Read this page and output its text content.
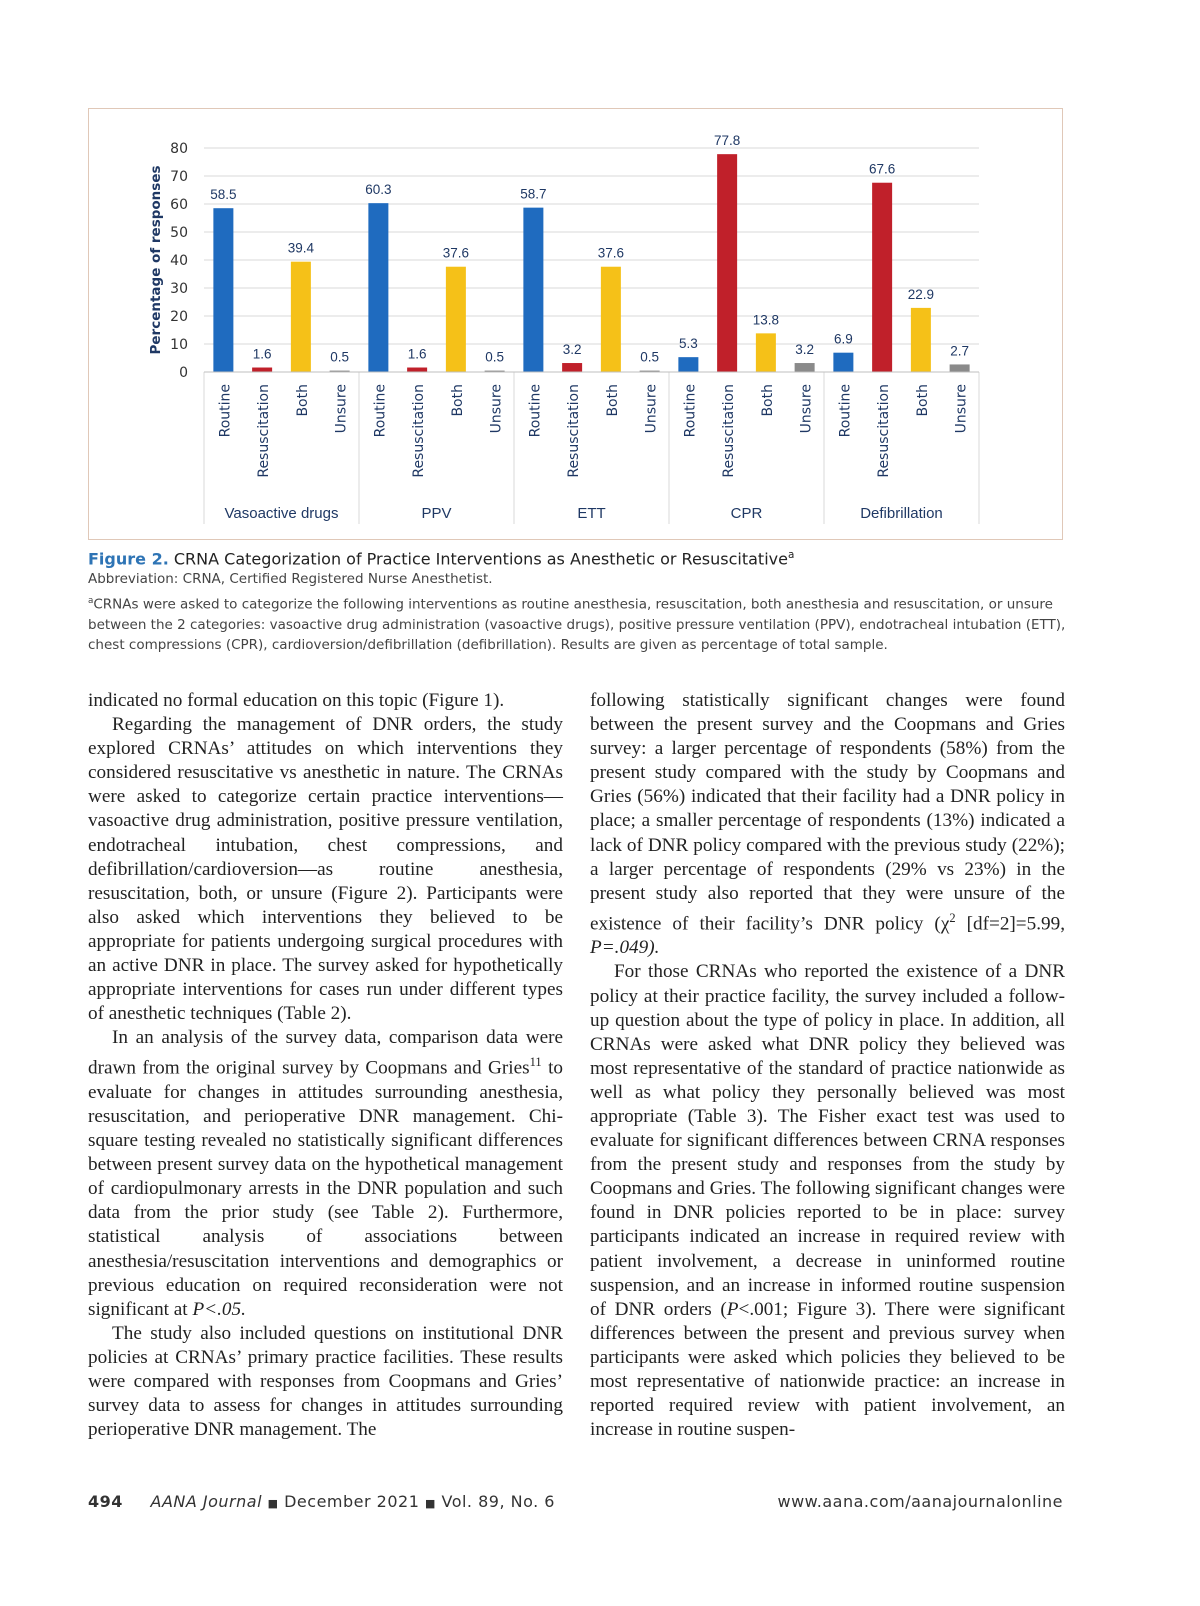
0
10
20
30
40
50
60
70
80
Percentage of responses
Vasoactive drugs
58.5
Routine
1.6
Resuscitation
39.4
Both
0.5
Unsure
PPV
60.3
Routine
1.6
Resuscitation
37.6
Both
0.5
Unsure
ETT
58.7
Routine
3.2
Resuscitation
37.6
Both
0.5
Unsure
CPR
5.3
Routine
77.8
Resuscitation
13.8
Both
3.2
Unsure
Defibrillation
6.9
Routine
67.6
Resuscitation
22.9
Both
2.7
Unsure
Figure 2. CRNA Categorization of Practice Interventions as Anesthetic or Resuscitative$^a$
Abbreviation: CRNA, Certified Registered Nurse Anesthetist.
$^a$CRNAs were asked to categorize the following interventions as routine anesthesia, resuscitation, both anesthesia and resuscitation, or unsure between the 2 categories: vasoactive drug administration (vasoactive drugs), positive pressure ventilation (PPV), endotracheal intubation (ETT), chest compressions (CPR), cardioversion/defibrillation (defibrillation). Results are given as percentage of total sample.

indicated no formal education on this topic (Figure 1).

Regarding the management of DNR orders, the study explored CRNAs’ attitudes on which interventions they considered resuscitative vs anesthetic in nature. The CRNAs were asked to categorize certain practice interventions—vasoactive drug administration, positive pressure ventilation, endotracheal intubation, chest compressions, and defibrillation/cardioversion—as routine anesthesia, resuscitation, both, or unsure (Figure 2). Participants were also asked which interventions they believed to be appropriate for patients undergoing surgical procedures with an active DNR in place. The survey asked for hypothetically appropriate interventions for cases run under different types of anesthetic techniques (Table 2).

In an analysis of the survey data, comparison data were drawn from the original survey by Coopmans and Gries$^{11}$ to evaluate for changes in attitudes surrounding anesthesia, resuscitation, and perioperative DNR management. Chi-square testing revealed no statistically significant differences between present survey data on the hypothetical management of cardiopulmonary arrests in the DNR population and such data from the prior study (see Table 2). Furthermore, statistical analysis of associations between anesthesia/resuscitation interventions and demographics or previous education on required reconsideration were not significant at P<.05.

The study also included questions on institutional DNR policies at CRNAs’ primary practice facilities. These results were compared with responses from Coopmans and Gries’ survey data to assess for changes in attitudes surrounding perioperative DNR management. The

following statistically significant changes were found between the present survey and the Coopmans and Gries survey: a larger percentage of respondents (58%) from the present study compared with the study by Coopmans and Gries (56%) indicated that their facility had a DNR policy in place; a smaller percentage of respondents (13%) indicated a lack of DNR policy compared with the previous study (22%); a larger percentage of respondents (29% vs 23%) in the present study also reported that they were unsure of the existence of their facility’s DNR policy ($\chi^2$ [df=2]=5.99, P=.049).

For those CRNAs who reported the existence of a DNR policy at their practice facility, the survey included a follow-up question about the type of policy in place. In addition, all CRNAs were asked what DNR policy they believed was most representative of the standard of practice nationwide as well as what policy they personally believed was most appropriate (Table 3). The Fisher exact test was used to evaluate for significant differences between CRNA responses from the present study and responses from the study by Coopmans and Gries. The following significant changes were found in DNR policies reported to be in place: survey participants indicated an increase in required review with patient involvement, a decrease in uninformed routine suspension, and an increase in informed routine suspension of DNR orders (P<.001; Figure 3). There were significant differences between the present and previous survey when participants were asked which policies they believed to be most representative of nationwide practice: an increase in reported required review with patient involvement, an increase in routine suspen-

494 AANA Journal ■ December 2021 ■ Vol. 89, No. 6	www.aana.com/aanajournalonline
